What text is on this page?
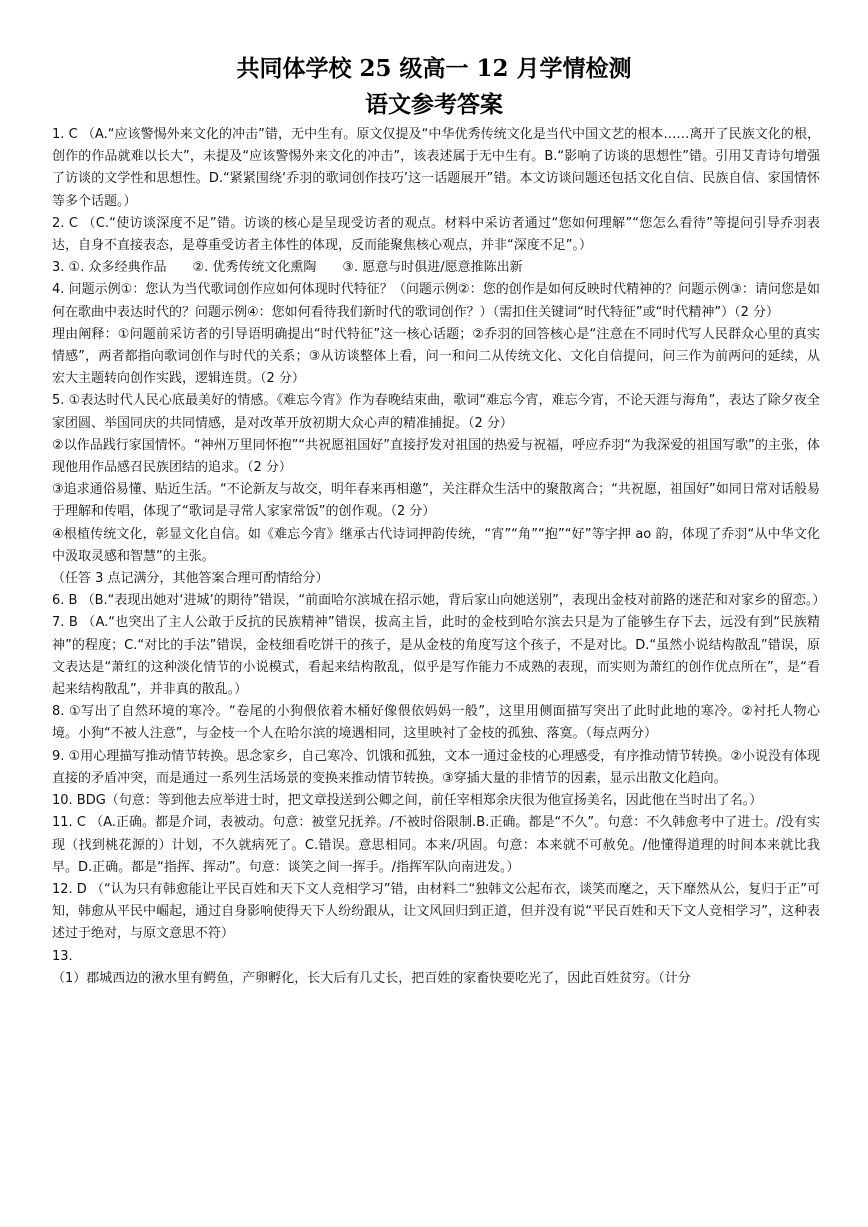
共同体学校 25 级高一 12 月学情检测
语文参考答案

1. C （A.“应该警惕外来文化的冲击”错，无中生有。原文仅提及“中华优秀传统文化是当代中国文艺的根本……离开了民族文化的根，创作的作品就难以长大”，未提及“应该警惕外来文化的冲击”，该表述属于无中生有。B.“影响了访谈的思想性”错。引用艾青诗句增强了访谈的文学性和思想性。D.“紧紧围绕‘乔羽的歌词创作技巧’这一话题展开”错。本文访谈问题还包括文化自信、民族自信、家国情怀等多个话题。）

2. C （C.“使访谈深度不足”错。访谈的核心是呈现受访者的观点。材料中采访者通过“您如何理解”“您怎么看待”等提问引导乔羽表达，自身不直接表态，是尊重受访者主体性的体现，反而能聚焦核心观点，并非“深度不足”。）

3. ①. 众多经典作品　　②. 优秀传统文化熏陶　　③. 愿意与时俱进/愿意推陈出新

4. 问题示例①：您认为当代歌词创作应如何体现时代特征？（问题示例②：您的创作是如何反映时代精神的？问题示例③：请问您是如何在歌曲中表达时代的？问题示例④：您如何看待我们新时代的歌词创作？）（需扣住关键词“时代特征”或“时代精神”）（2 分）

理由阐释：①问题前采访者的引导语明确提出“时代特征”这一核心话题；②乔羽的回答核心是“注意在不同时代写人民群众心里的真实情感”，两者都指向歌词创作与时代的关系；③从访谈整体上看，问一和问二从传统文化、文化自信提问，问三作为前两问的延续，从宏大主题转向创作实践，逻辑连贯。（2 分）

5. ①表达时代人民心底最美好的情感。《难忘今宵》作为春晚结束曲，歌词“难忘今宵，难忘今宵，不论天涯与海角”，表达了除夕夜全家团圆、举国同庆的共同情感，是对改革开放初期大众心声的精准捕捉。（2 分）

②以作品践行家国情怀。“神州万里同怀抱”“共祝愿祖国好”直接抒发对祖国的热爱与祝福，呼应乔羽“为我深爱的祖国写歌”的主张，体现他用作品感召民族团结的追求。（2 分）

③追求通俗易懂、贴近生活。“不论新友与故交，明年春来再相邀”，关注群众生活中的聚散离合；“共祝愿，祖国好”如同日常对话般易于理解和传唱，体现了“歌词是寻常人家家常饭”的创作观。（2 分）

④根植传统文化，彰显文化自信。如《难忘今宵》继承古代诗词押韵传统，“宵”“角”“抱”“好”等字押 ao 韵，体现了乔羽“从中华文化中汲取灵感和智慧”的主张。

（任答 3 点记满分，其他答案合理可酌情给分）

6. B （B.“表现出她对‘进城’的期待”错误，“前面哈尔滨城在招示她，背后家山向她送别”，表现出金枝对前路的迷茫和对家乡的留恋。）

7. B （A.“也突出了主人公敢于反抗的民族精神”错误，拔高主旨，此时的金枝到哈尔滨去只是为了能够生存下去，远没有到“民族精神”的程度；C.“对比的手法”错误，金枝细看吃饼干的孩子，是从金枝的角度写这个孩子，不是对比。D.“虽然小说结构散乱”错误，原文表达是“萧红的这种淡化情节的小说模式，看起来结构散乱，似乎是写作能力不成熟的表现，而实则为萧红的创作优点所在”，是“看起来结构散乱”，并非真的散乱。）

8. ①写出了自然环境的寒冷。“卷尾的小狗偎依着木桶好像偎依妈妈一般”，这里用侧面描写突出了此时此地的寒冷。②衬托人物心境。小狗“不被人注意”，与金枝一个人在哈尔滨的境遇相同，这里映衬了金枝的孤独、落寞。（每点两分）

9. ①用心理描写推动情节转换。思念家乡，自己寒冷、饥饿和孤独，文本一通过金枝的心理感受，有序推动情节转换。②小说没有体现直接的矛盾冲突，而是通过一系列生活场景的变换来推动情节转换。③穿插大量的非情节的因素，显示出散文化趋向。

10. BDG（句意：等到他去应举进士时，把文章投送到公卿之间，前任宰相郑余庆很为他宣扬美名，因此他在当时出了名。）

11. C （A.正确。都是介词，表被动。句意：被堂兄抚养。/不被时俗限制.B.正确。都是“不久”。句意：不久韩愈考中了进士。/没有实现（找到桃花源的）计划，不久就病死了。C.错误。意思相同。本来/巩固。句意：本来就不可赦免。/他懂得道理的时间本来就比我早。D.正确。都是“指挥、挥动”。句意：谈笑之间一挥手。/指挥军队向南进发。）

12. D （“认为只有韩愈能让平民百姓和天下文人竞相学习”错，由材料二“独韩文公起布衣，谈笑而麾之，天下靡然从公，复归于正”可知，韩愈从平民中崛起，通过自身影响使得天下人纷纷跟从，让文风回归到正道，但并没有说“平民百姓和天下文人竞相学习”，这种表述过于绝对，与原文意思不符）

13.

（1）郡城西边的湫水里有鳄鱼，产卵孵化，长大后有几丈长，把百姓的家畜快要吃光了，因此百姓贫穷。（计分
